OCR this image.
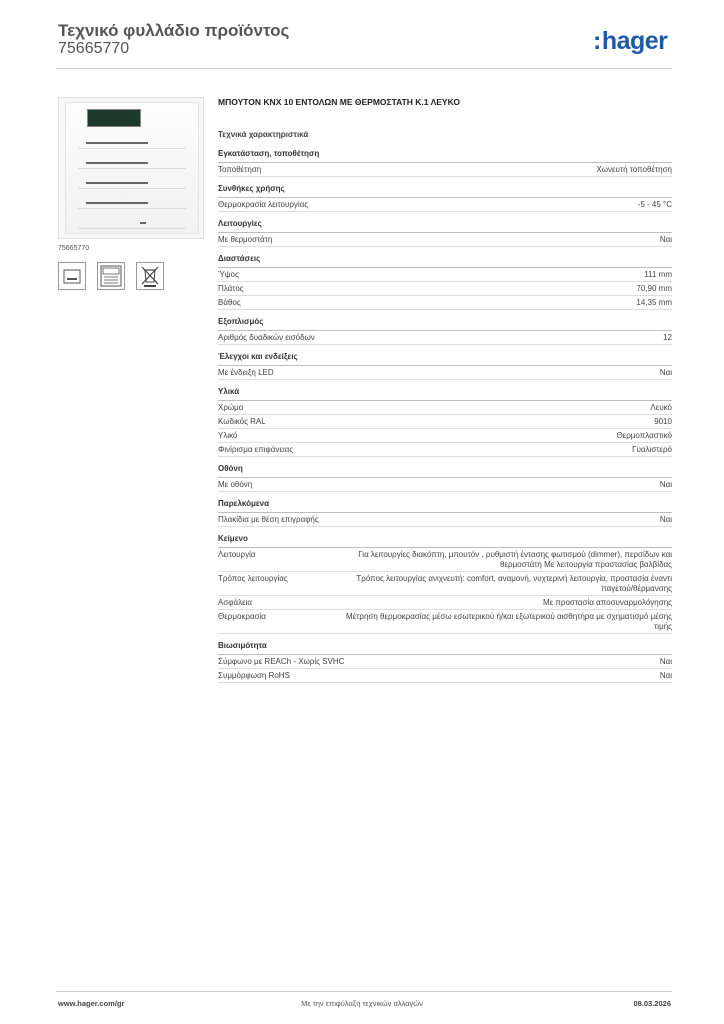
Τεχνικό φυλλάδιο προϊόντος
75665770	:hager
75665770
ΜΠΟΥΤΟΝ KNX 10 ΕΝΤΟΛΩΝ ΜΕ ΘΕΡΜΟΣΤΑΤΗ Κ.1 ΛΕΥΚΟ
Τεχνικά χαρακτηριστικά
Εγκατάσταση, τοποθέτηση
Τοποθέτηση	Χωνευτή τοποθέτηση
Συνθήκες χρήσης
Θερμοκρασία λειτουργίας	-5 - 45 °C
Λειτουργίες
Με θερμοστάτη	Ναι
Διαστάσεις
Ύψος	111 mm
Πλάτος	70,90 mm
Βάθος	14,35 mm
Εξοπλισμός
Αριθμός δυαδικών εισόδων	12
Έλεγχοι και ενδείξεις
Με ένδειξη LED	Ναι
Υλικά
Χρώμα	Λευκό
Κωδικός RAL	9010
Υλικό	Θερμοπλαστικό
Φινίρισμα επιφάνειας	Γυαλιστερό
Οθόνη
Με οθόνη	Ναι
Παρελκόμενα
Πλακίδια με θέση επιγραφής	Ναι
Κείμενο
Λειτουργία	Για λειτουργίες διακόπτη, μπουτόν , ρυθμιστή έντασης φωτισμού (dimmer), περσίδων και θερμοστάτη Με λειτουργία προστασίας βαλβίδας
Τρόπος λειτουργίας	Τρόπος λειτουργίας ανιχνευτή: comfort, αναμονή, νυχτερινή λειτουργία, προστασία έναντι παγετού/θέρμανσης
Ασφάλεια	Με προστασία αποσυναρμολόγησης
Θερμοκρασία	Μέτρηση θερμοκρασίας μέσω εσωτερικού ή/και εξωτερικού αισθητήρα με σχηματισμό μέσης τιμής
Βιωσιμότητα
Σύμφωνο με REACh - Χωρίς SVHC	Ναι
Συμμόρφωση RoHS	Ναι
www.hager.com/gr	Με την επιφύλαξη τεχνικών αλλαγών	08.03.2026
